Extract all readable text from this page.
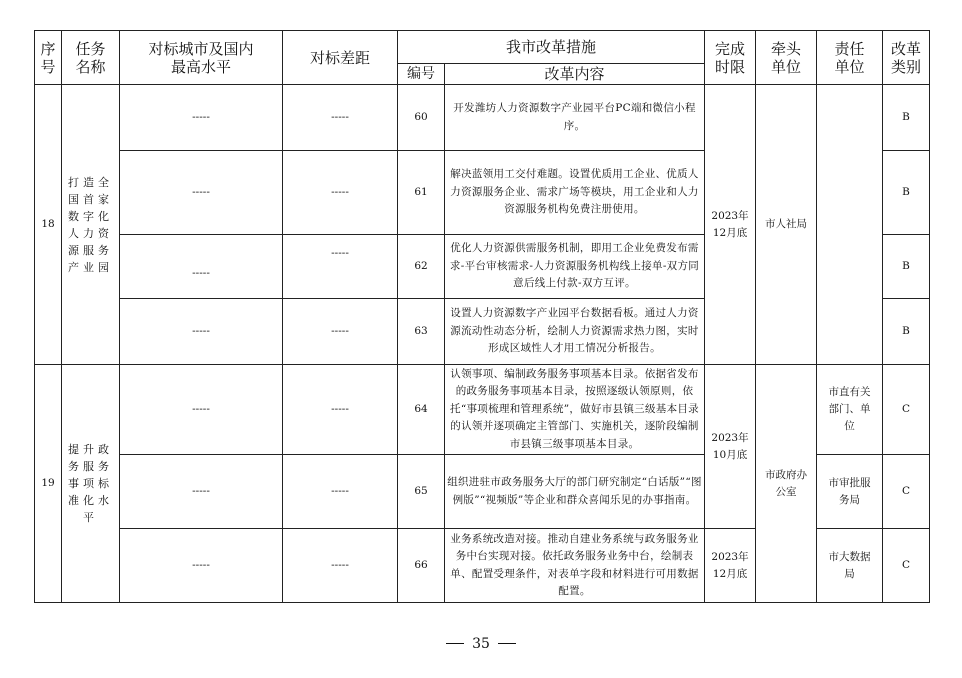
序号	任务名称	对标城市及国内最高水平	对标差距	我市改革措施		完成时限	牵头单位	责任单位	改革类别
				编号	改革内容				
18	打造全国首家数字化人力资源服务产业园	-----	-----	60	开发潍坊人力资源数字产业园平台PC端和微信小程序。	2023年12月底	市人社局		B
		-----	-----	61	解决蓝领用工交付难题。设置优质用工企业、优质人力资源服务企业、需求广场等模块，用工企业和人力资源服务机构免费注册使用。				B
		-----	-----	62	优化人力资源供需服务机制，即用工企业免费发布需求-平台审核需求-人力资源服务机构线上接单-双方同意后线上付款-双方互评。				B
		-----	-----	63	设置人力资源数字产业园平台数据看板。通过人力资源流动性动态分析，绘制人力资源需求热力图，实时形成区域性人才用工情况分析报告。				B
19	提升政务服务事项标准化水平	-----	-----	64	认领事项、编制政务服务事项基本目录。依据省发布的政务服务事项基本目录，按照逐级认领原则，依托“事项梳理和管理系统”，做好市县镇三级基本目录的认领并逐项确定主管部门、实施机关，逐阶段编制市县镇三级事项基本目录。	2023年10月底	市政府办公室	市直有关部门、单位	C
		-----	-----	65	组织进驻市政务服务大厅的部门研究制定“白话版”“图例版”“视频版”等企业和群众喜闻乐见的办事指南。			市审批服务局	C
		-----	-----	66	业务系统改造对接。推动自建业务系统与政务服务业务中台实现对接。依托政务服务业务中台，绘制表单、配置受理条件，对表单字段和材料进行可用数据配置。	2023年12月底		市大数据局	C
35
